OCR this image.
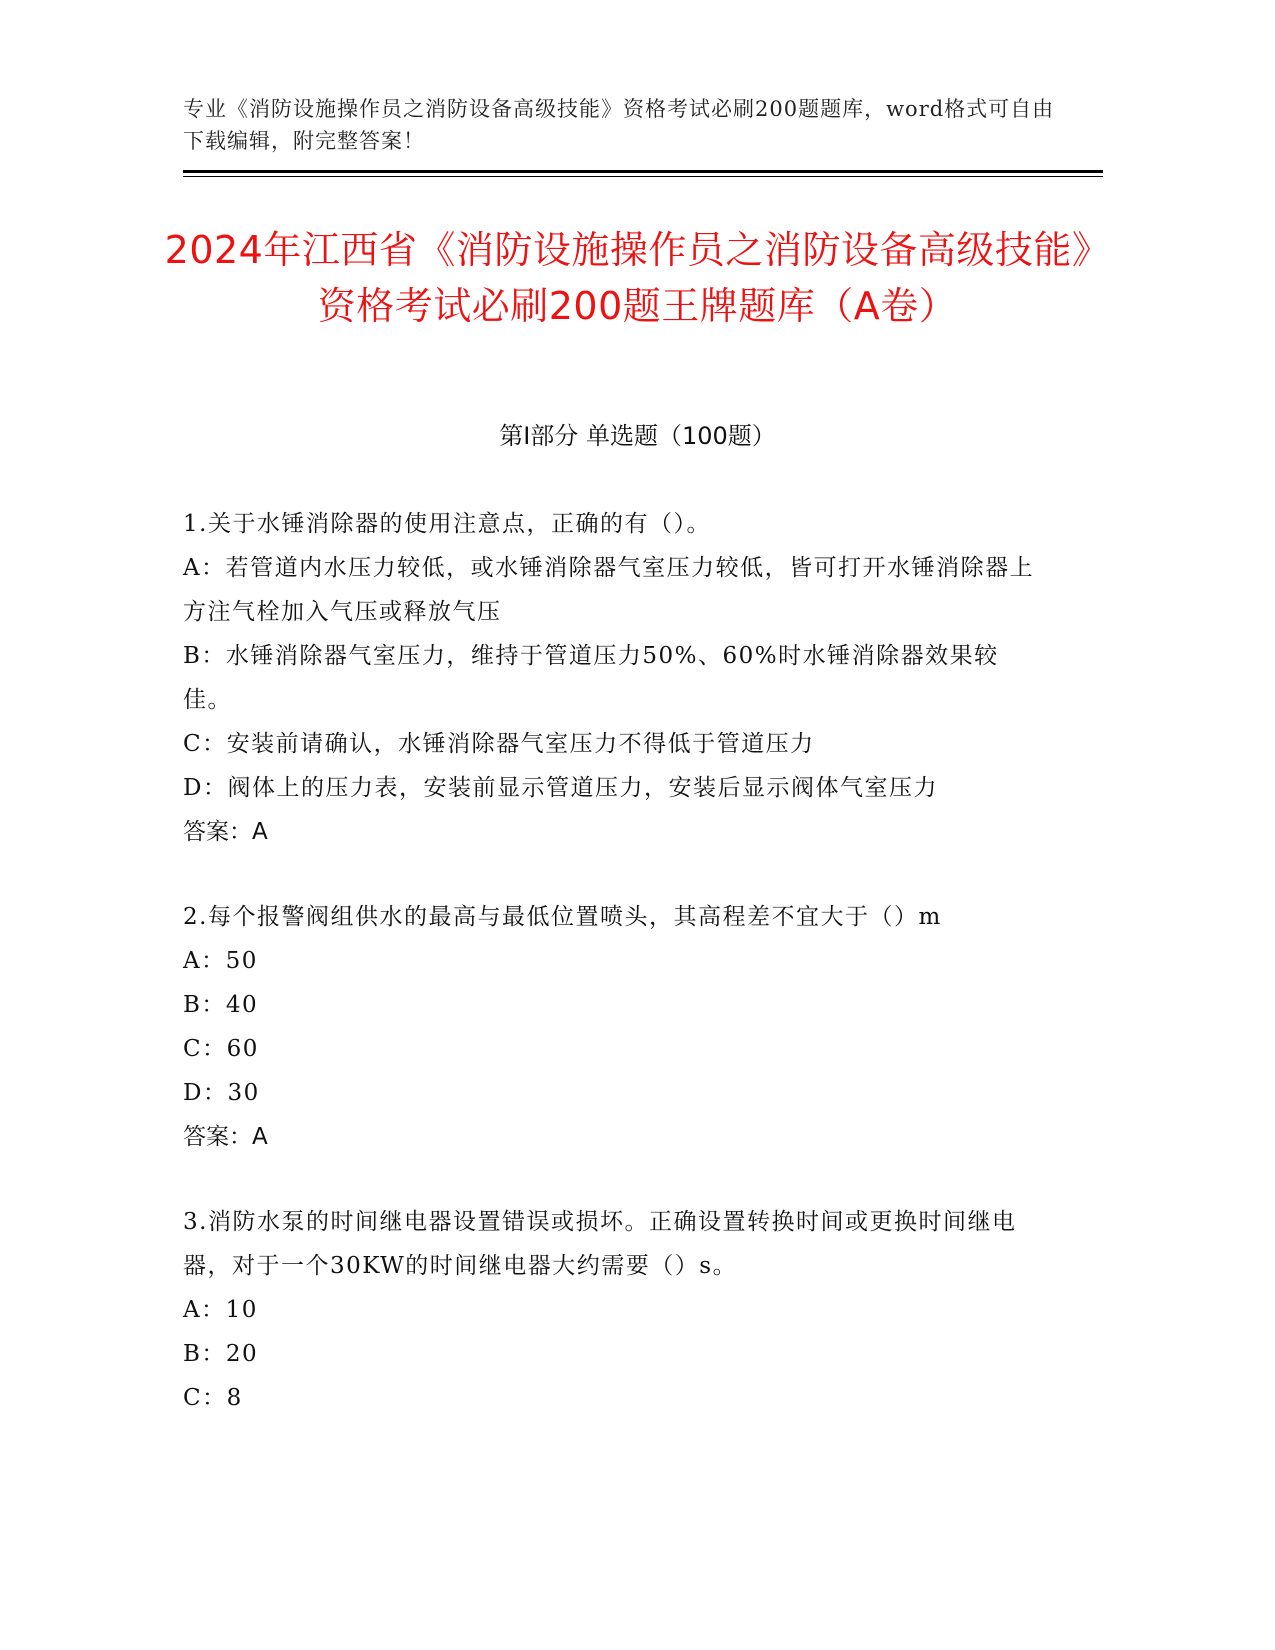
专业《消防设施操作员之消防设备高级技能》资格考试必刷200题题库，word格式可自由下载编辑，附完整答案！

2024年江西省《消防设施操作员之消防设备高级技能》资格考试必刷200题王牌题库（A卷）
第I部分 单选题（100题）

1.关于水锤消除器的使用注意点，正确的有（）。

A：若管道内水压力较低，或水锤消除器气室压力较低，皆可打开水锤消除器上方注气栓加入气压或释放气压

B：水锤消除器气室压力，维持于管道压力50%、60%时水锤消除器效果较佳。

C：安装前请确认，水锤消除器气室压力不得低于管道压力

D：阀体上的压力表，安装前显示管道压力，安装后显示阀体气室压力

答案：A

2.每个报警阀组供水的最高与最低位置喷头，其高程差不宜大于（）m

A：50

B：40

C：60

D：30

答案：A

3.消防水泵的时间继电器设置错误或损坏。正确设置转换时间或更换时间继电器，对于一个30KW的时间继电器大约需要（）s。

A：10

B：20

C：8
